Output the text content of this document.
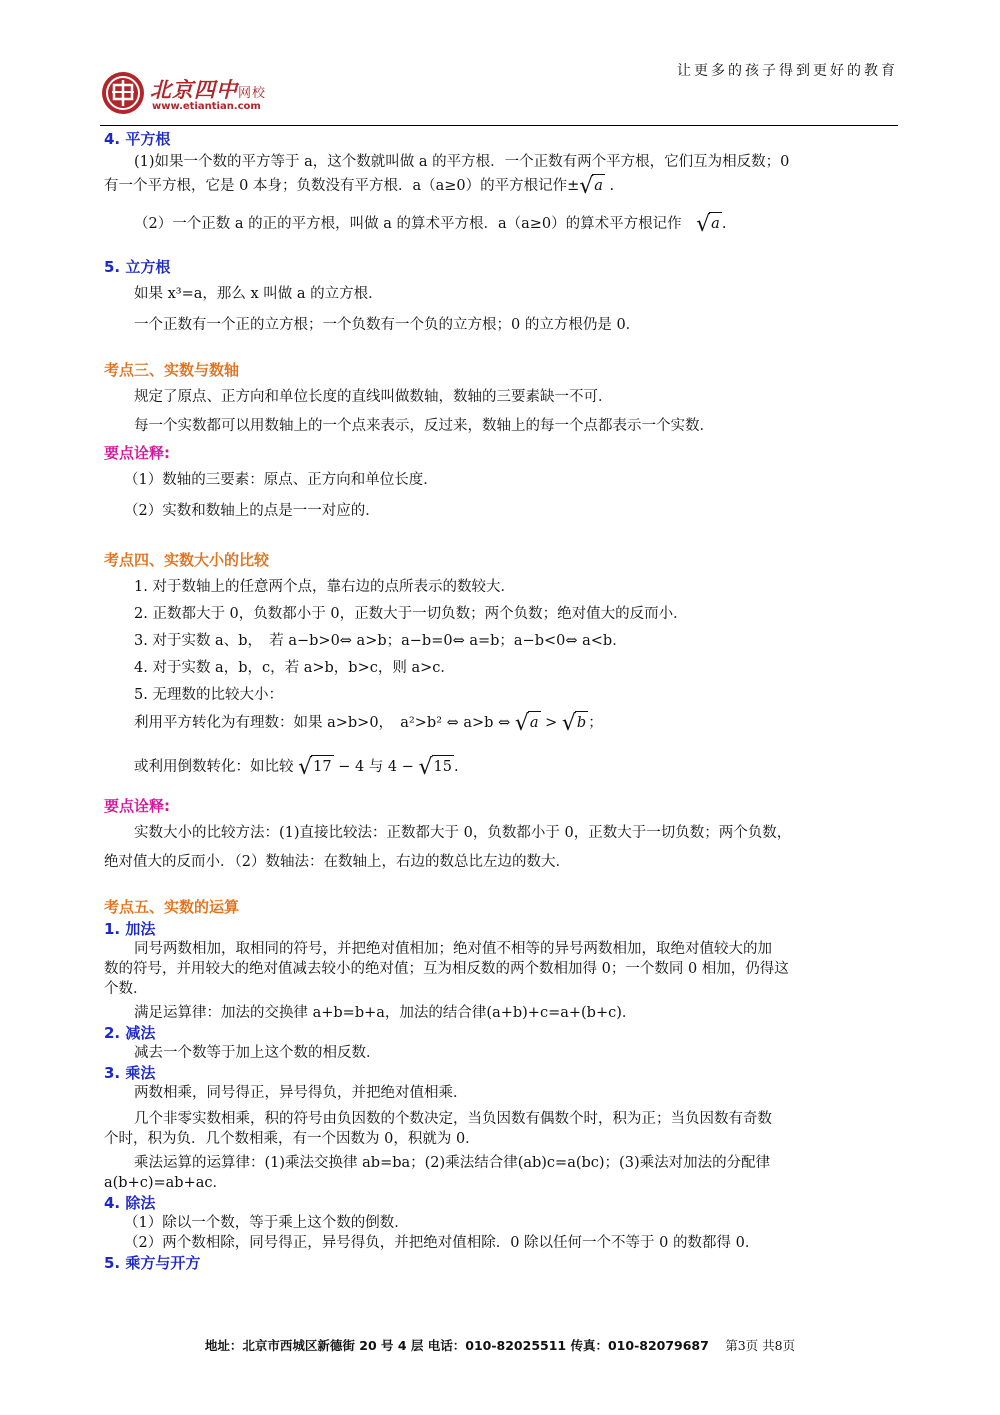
北京四中网校
www.etiantian.com
让更多的孩子得到更好的教育
4. 平方根

(1)如果一个数的平方等于 a，这个数就叫做 a 的平方根．一个正数有两个平方根，它们互为相反数；0

有一个平方根，它是 0 本身；负数没有平方根．a（a≥0）的平方根记作±√a .

（2）一个正数 a 的正的平方根，叫做 a 的算术平方根．a（a≥0）的算术平方根记作　 √a .

5. 立方根

如果 x³=a，那么 x 叫做 a 的立方根．

一个正数有一个正的立方根；一个负数有一个负的立方根；0 的立方根仍是 0．

考点三、实数与数轴

规定了原点、正方向和单位长度的直线叫做数轴，数轴的三要素缺一不可．

每一个实数都可以用数轴上的一个点来表示，反过来，数轴上的每一个点都表示一个实数．

要点诠释:

（1）数轴的三要素：原点、正方向和单位长度．

（2）实数和数轴上的点是一一对应的．

考点四、实数大小的比较

1. 对于数轴上的任意两个点，靠右边的点所表示的数较大．

2. 正数都大于 0，负数都小于 0，正数大于一切负数；两个负数；绝对值大的反而小．

3. 对于实数 a、b，　若 a−b>0⇔ a>b；a−b=0⇔ a=b；a−b<0⇔ a<b．

4. 对于实数 a，b，c，若 a>b，b>c，则 a>c．

5. 无理数的比较大小：

利用平方转化为有理数：如果 a>b>0，　a²>b² ⇔ a>b ⇔ √a > √b ；

或利用倒数转化：如比较 √17 − 4 与 4 − √15 .

要点诠释:

实数大小的比较方法：(1)直接比较法：正数都大于 0，负数都小于 0，正数大于一切负数；两个负数，

绝对值大的反而小．（2）数轴法：在数轴上，右边的数总比左边的数大．

考点五、实数的运算
1. 加法

同号两数相加，取相同的符号，并把绝对值相加；绝对值不相等的异号两数相加，取绝对值较大的加

数的符号，并用较大的绝对值减去较小的绝对值；互为相反数的两个数相加得 0；一个数同 0 相加，仍得这

个数．

满足运算律：加法的交换律 a+b=b+a，加法的结合律(a+b)+c=a+(b+c)．

2. 减法

减去一个数等于加上这个数的相反数．

3. 乘法

两数相乘，同号得正，异号得负，并把绝对值相乘．

几个非零实数相乘，积的符号由负因数的个数决定，当负因数有偶数个时，积为正；当负因数有奇数

个时，积为负．几个数相乘，有一个因数为 0，积就为 0．

乘法运算的运算律：(1)乘法交换律 ab=ba；(2)乘法结合律(ab)c=a(bc)；(3)乘法对加法的分配律

a(b+c)=ab+ac．

4. 除法

（1）除以一个数，等于乘上这个数的倒数．

（2）两个数相除，同号得正，异号得负，并把绝对值相除．0 除以任何一个不等于 0 的数都得 0．

5. 乘方与开方
地址：北京市西城区新德街 20 号 4 层 电话：010-82025511 传真：010-82079687 第3页 共8页
